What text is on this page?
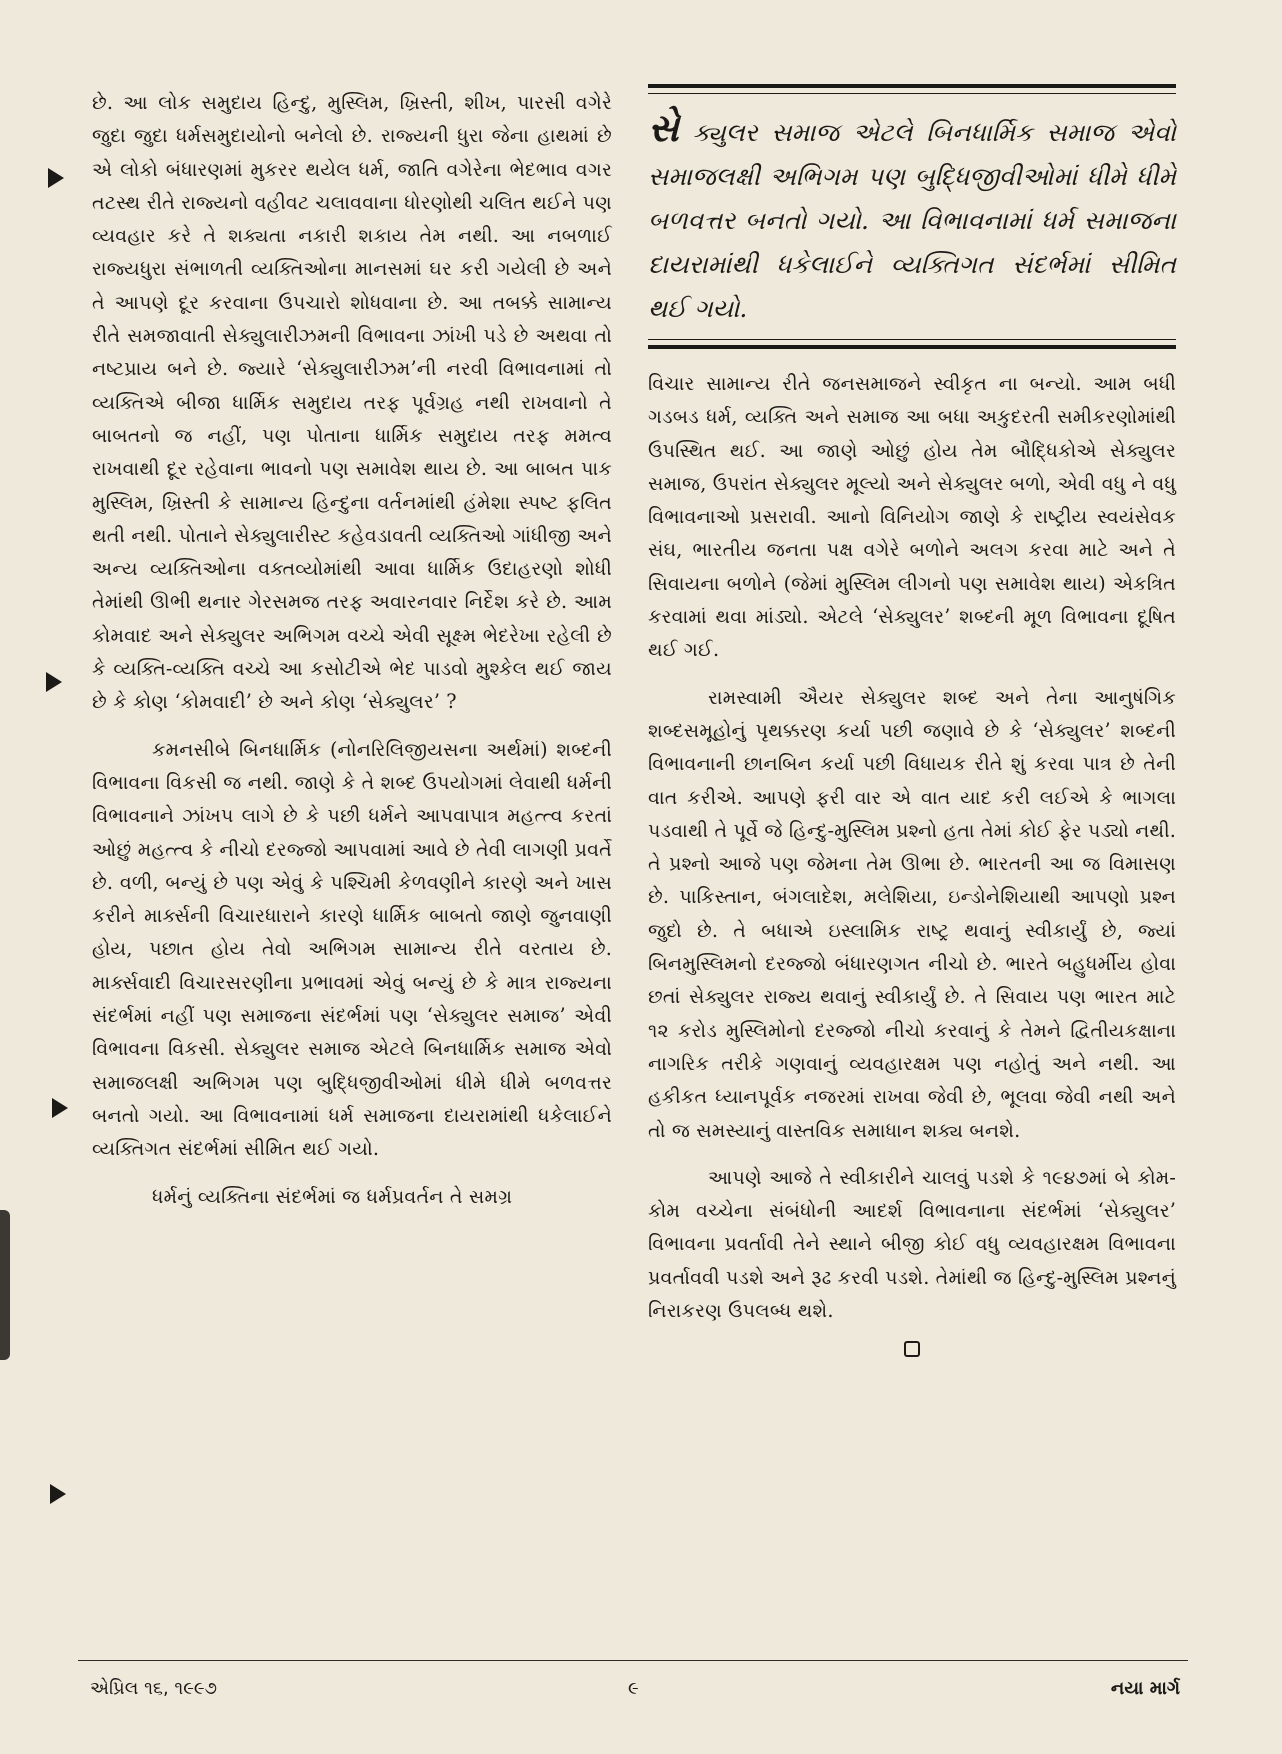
છે. આ લોક સમુદાય હિન્દુ, મુસ્લિમ, ખ્રિસ્તી, શીખ, પારસી વગેરે જુદા જુદા ધર્મસમુદાયોનો બનેલો છે. રાજ્યની ધુરા જેના હાથમાં છે એ લોકો બંધારણમાં મુકરર થયેલ ધર્મ, જાતિ વગેરેના ભેદભાવ વગર તટસ્થ રીતે રાજ્યનો વહીવટ ચલાવવાના ધોરણોથી ચલિત થઈને પણ વ્યવહાર કરે તે શક્યતા નકારી શકાય તેમ નથી. આ નબળાઈ રાજ્યધુરા સંભાળતી વ્યક્તિઓના માનસમાં ઘર કરી ગયેલી છે અને તે આપણે દૂર કરવાના ઉપચારો શોધવાના છે. આ તબક્કે સામાન્ય રીતે સમજાવાતી સેક્યુલારીઝમની વિભાવના ઝાંખી પડે છે અથવા તો નષ્ટપ્રાય બને છે. જ્યારે ‘સેક્યુલારીઝમ’ની નરવી વિભાવનામાં તો વ્યક્તિએ બીજા ધાર્મિક સમુદાય તરફ પૂર્વગ્રહ નથી રાખવાનો તે બાબતનો જ નહીં, પણ પોતાના ધાર્મિક સમુદાય તરફ મમત્વ રાખવાથી દૂર રહેવાના ભાવનો પણ સમાવેશ થાય છે. આ બાબત પાક મુસ્લિમ, ખ્રિસ્તી કે સામાન્ય હિન્દુના વર્તનમાંથી હંમેશા સ્પષ્ટ ફલિત થતી નથી. પોતાને સેક્યુલારીસ્ટ કહેવડાવતી વ્યક્તિઓ ગાંધીજી અને અન્ય વ્યક્તિઓના વક્તવ્યોમાંથી આવા ધાર્મિક ઉદાહરણો શોધી તેમાંથી ઊભી થનાર ગેરસમજ તરફ અવારનવાર નિર્દેશ કરે છે. આમ કોમવાદ અને સેક્યુલર અભિગમ વચ્ચે એવી સૂક્ષ્મ ભેદરેખા રહેલી છે કે વ્યક્તિ-વ્યક્તિ વચ્ચે આ કસોટીએ ભેદ પાડવો મુશ્કેલ થઈ જાય છે કે કોણ ‘કોમવાદી’ છે અને કોણ ‘સેક્યુલર’ ?

કમનસીબે બિનધાર્મિક (નોનરિલિજીયસના અર્થમાં) શબ્દની વિભાવના વિકસી જ નથી. જાણે કે તે શબ્દ ઉપયોગમાં લેવાથી ધર્મની વિભાવનાને ઝાંખપ લાગે છે કે પછી ધર્મને આપવાપાત્ર મહત્ત્વ કરતાં ઓછું મહત્ત્વ કે નીચો દરજ્જો આપવામાં આવે છે તેવી લાગણી પ્રવર્તે છે. વળી, બન્યું છે પણ એવું કે પશ્ચિમી કેળવણીને કારણે અને ખાસ કરીને માર્ક્સની વિચારધારાને કારણે ધાર્મિક બાબતો જાણે જુનવાણી હોય, પછાત હોય તેવો અભિગમ સામાન્ય રીતે વરતાય છે. માર્ક્સવાદી વિચારસરણીના પ્રભાવમાં એવું બન્યું છે કે માત્ર રાજ્યના સંદર્ભમાં નહીં પણ સમાજના સંદર્ભમાં પણ ‘સેક્યુલર સમાજ’ એવી વિભાવના વિકસી. સેક્યુલર સમાજ એટલે બિનધાર્મિક સમાજ એવો સમાજલક્ષી અભિગમ પણ બુદ્ધિજીવીઓમાં ધીમે ધીમે બળવત્તર બનતો ગયો. આ વિભાવનામાં ધર્મ સમાજના દાયરામાંથી ધકેલાઈને વ્યક્તિગત સંદર્ભમાં સીમિત થઈ ગયો.

ધર્મનું વ્યક્તિના સંદર્ભમાં જ ધર્મપ્રવર્તન તે સમગ્ર

સે ક્યુલર સમાજ એટલે બિનધાર્મિક સમાજ એવો સમાજલક્ષી અભિગમ પણ બુદ્ધિજીવીઓમાં ધીમે ધીમે બળવત્તર બનતો ગયો. આ વિભાવનામાં ધર્મ સમાજના દાયરામાંથી ધકેલાઈને વ્યક્તિગત સંદર્ભમાં સીમિત થઈ ગયો.

વિચાર સામાન્ય રીતે જનસમાજને સ્વીકૃત ના બન્યો. આમ બધી ગડબડ ધર્મ, વ્યક્તિ અને સમાજ આ બધા અકુદરતી સમીકરણોમાંથી ઉપસ્થિત થઈ. આ જાણે ઓછું હોય તેમ બૌદ્ધિકોએ સેક્યુલર સમાજ, ઉપરાંત સેક્યુલર મૂલ્યો અને સેક્યુલર બળો, એવી વધુ ને વધુ વિભાવનાઓ પ્રસરાવી. આનો વિનિયોગ જાણે કે રાષ્ટ્રીય સ્વયંસેવક સંઘ, ભારતીય જનતા પક્ષ વગેરે બળોને અલગ કરવા માટે અને તે સિવાયના બળોને (જેમાં મુસ્લિમ લીગનો પણ સમાવેશ થાય) એકત્રિત કરવામાં થવા માંડ્યો. એટલે ‘સેક્યુલર’ શબ્દની મૂળ વિભાવના દૂષિત થઈ ગઈ.

રામસ્વામી ઐયર સેક્યુલર શબ્દ અને તેના આનુષંગિક શબ્દસમૂહોનું પૃથક્કરણ કર્યા પછી જણાવે છે કે ‘સેક્યુલર’ શબ્દની વિભાવનાની છાનબિન કર્યા પછી વિધાયક રીતે શું કરવા પાત્ર છે તેની વાત કરીએ. આપણે ફરી વાર એ વાત યાદ કરી લઈએ કે ભાગલા પડવાથી તે પૂર્વે જે હિન્દુ-મુસ્લિમ પ્રશ્નો હતા તેમાં કોઈ ફેર પડ્યો નથી. તે પ્રશ્નો આજે પણ જેમના તેમ ઊભા છે. ભારતની આ જ વિમાસણ છે. પાકિસ્તાન, બંગલાદેશ, મલેશિયા, ઇન્ડોનેશિયાથી આપણો પ્રશ્ન જુદો છે. તે બધાએ ઇસ્લામિક રાષ્ટ્ર થવાનું સ્વીકાર્યું છે, જ્યાં બિનમુસ્લિમનો દરજ્જો બંધારણગત નીચો છે. ભારતે બહુધર્મીય હોવા છતાં સેક્યુલર રાજ્ય થવાનું સ્વીકાર્યું છે. તે સિવાય પણ ભારત માટે ૧૨ કરોડ મુસ્લિમોનો દરજ્જો નીચો કરવાનું કે તેમને દ્વિતીયકક્ષાના નાગરિક તરીકે ગણવાનું વ્યવહારક્ષમ પણ નહોતું અને નથી. આ હકીકત ધ્યાનપૂર્વક નજરમાં રાખવા જેવી છે, ભૂલવા જેવી નથી અને તો જ સમસ્યાનું વાસ્તવિક સમાધાન શક્ય બનશે.

આપણે આજે તે સ્વીકારીને ચાલવું પડશે કે ૧૯૪૭માં બે કોમ-કોમ વચ્ચેના સંબંધોની આદર્શ વિભાવનાના સંદર્ભમાં ‘સેક્યુલર’ વિભાવના પ્રવર્તાવી તેને સ્થાને બીજી કોઈ વધુ વ્યવહારક્ષમ વિભાવના પ્રવર્તાવવી પડશે અને રૂઢ કરવી પડશે. તેમાંથી જ હિન્દુ-મુસ્લિમ પ્રશ્નનું નિરાકરણ ઉપલબ્ધ થશે.

એપ્રિલ ૧૬, ૧૯૯૭	૯	નયા માર્ગ
